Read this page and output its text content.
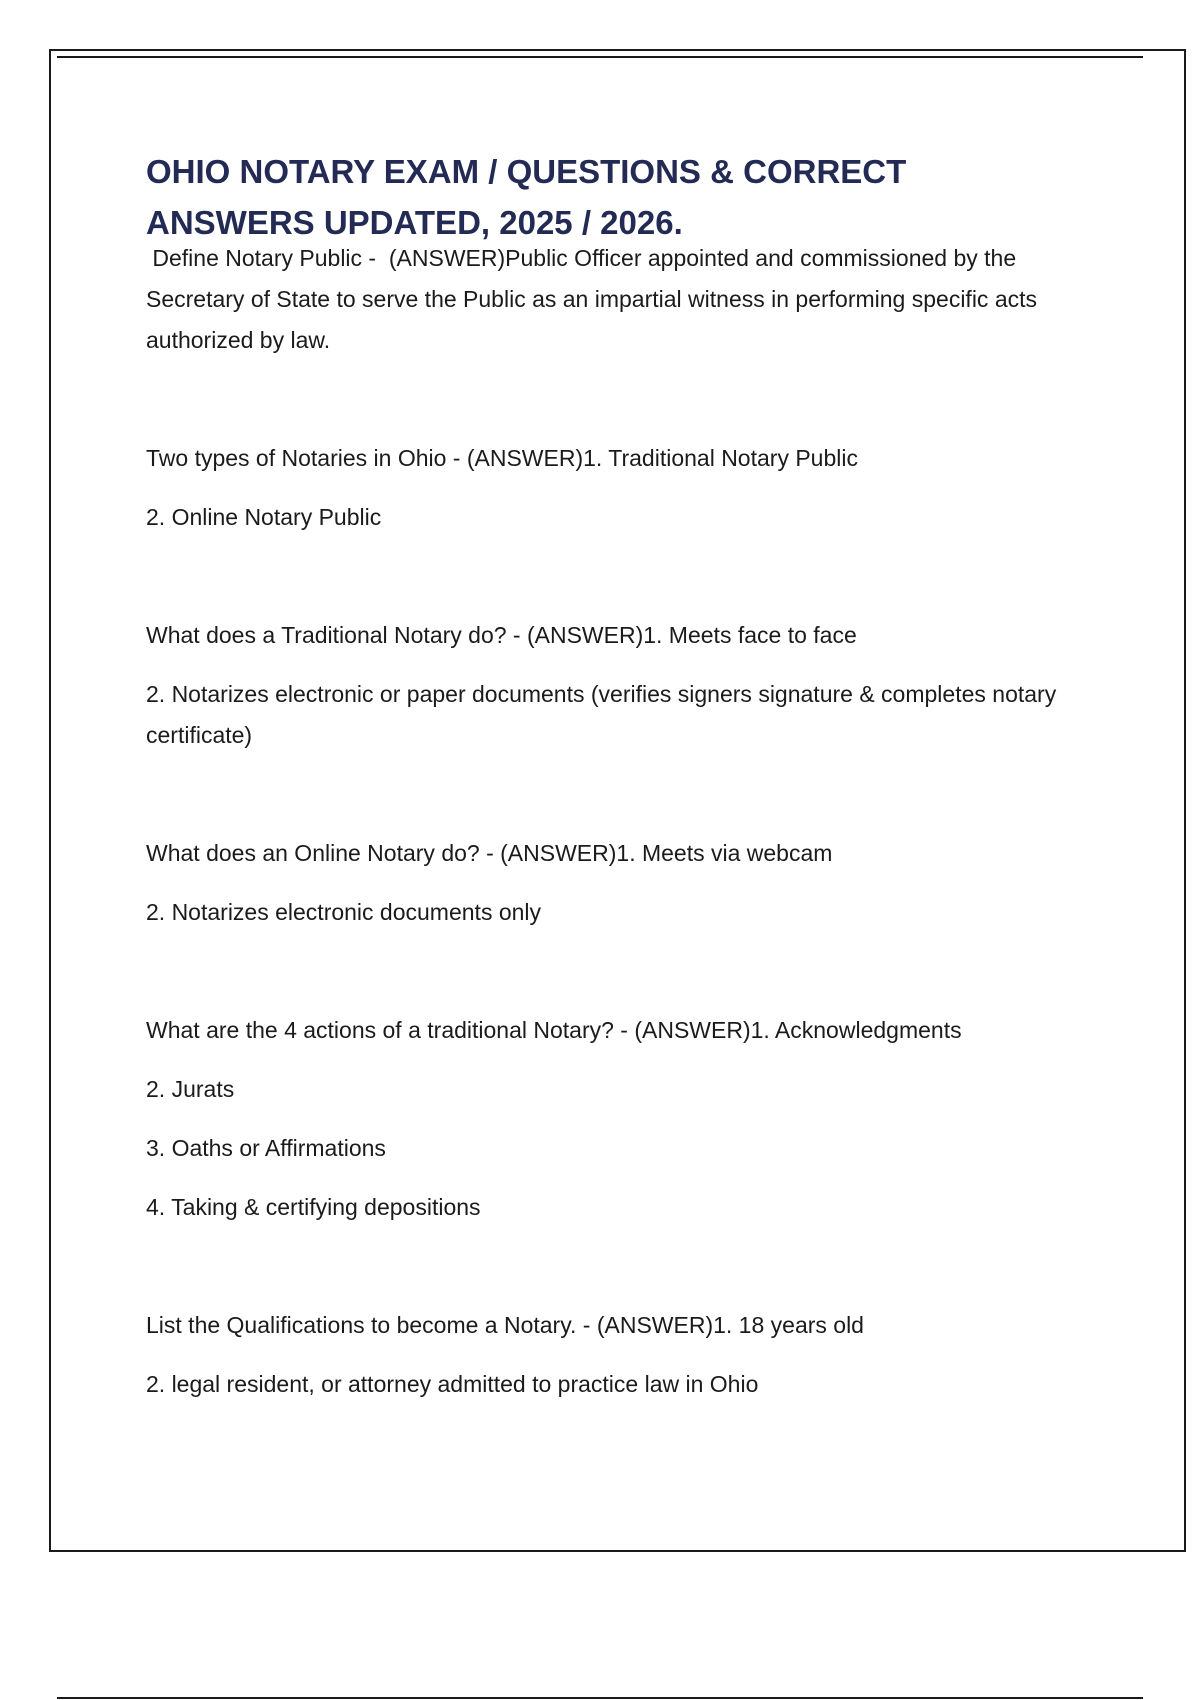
OHIO NOTARY EXAM / QUESTIONS & CORRECT
ANSWERS UPDATED, 2025 / 2026.

Define Notary Public -  (ANSWER)Public Officer appointed and commissioned by the Secretary of State to serve the Public as an impartial witness in performing specific acts authorized by law.

Two types of Notaries in Ohio - (ANSWER)1. Traditional Notary Public

2. Online Notary Public

What does a Traditional Notary do? - (ANSWER)1. Meets face to face

2. Notarizes electronic or paper documents (verifies signers signature & completes notary certificate)

What does an Online Notary do? - (ANSWER)1. Meets via webcam

2. Notarizes electronic documents only

What are the 4 actions of a traditional Notary? - (ANSWER)1. Acknowledgments

2. Jurats

3. Oaths or Affirmations

4. Taking & certifying depositions

List the Qualifications to become a Notary. - (ANSWER)1. 18 years old

2. legal resident, or attorney admitted to practice law in Ohio
